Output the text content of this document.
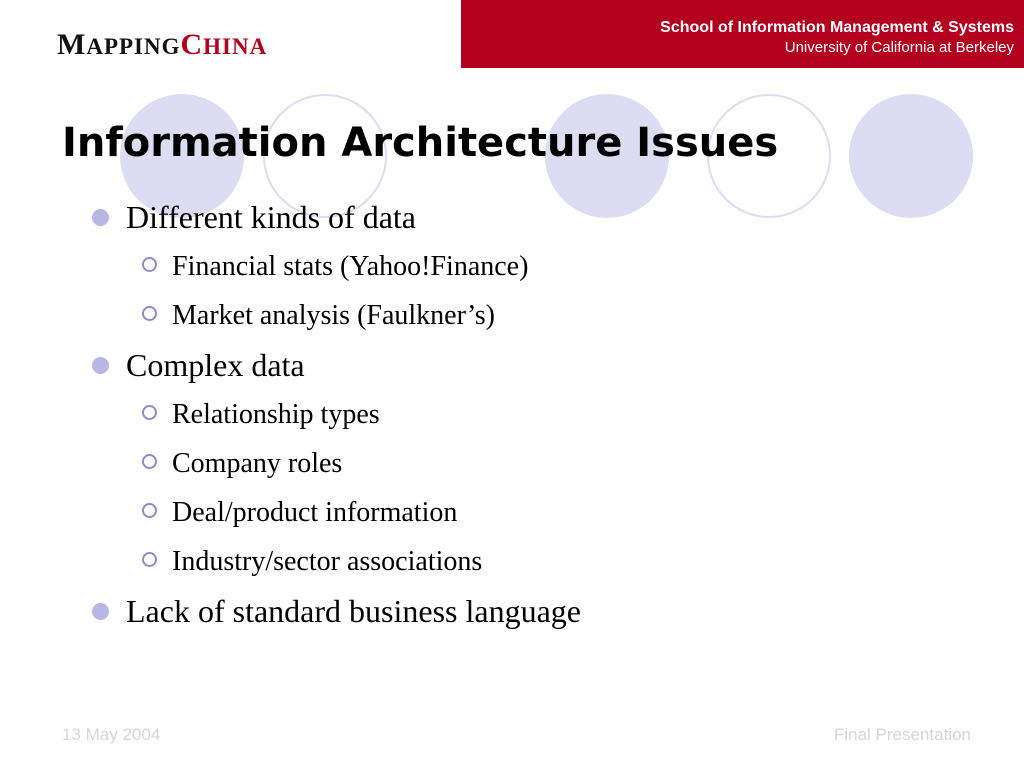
MAPPINGCHINA
School of Information Management & Systems
University of California at Berkeley
Information Architecture Issues
Different kinds of data
Financial stats (Yahoo!Finance)
Market analysis (Faulkner’s)
Complex data
Relationship types
Company roles
Deal/product information
Industry/sector associations
Lack of standard business language
13 May 2004	Final Presentation
